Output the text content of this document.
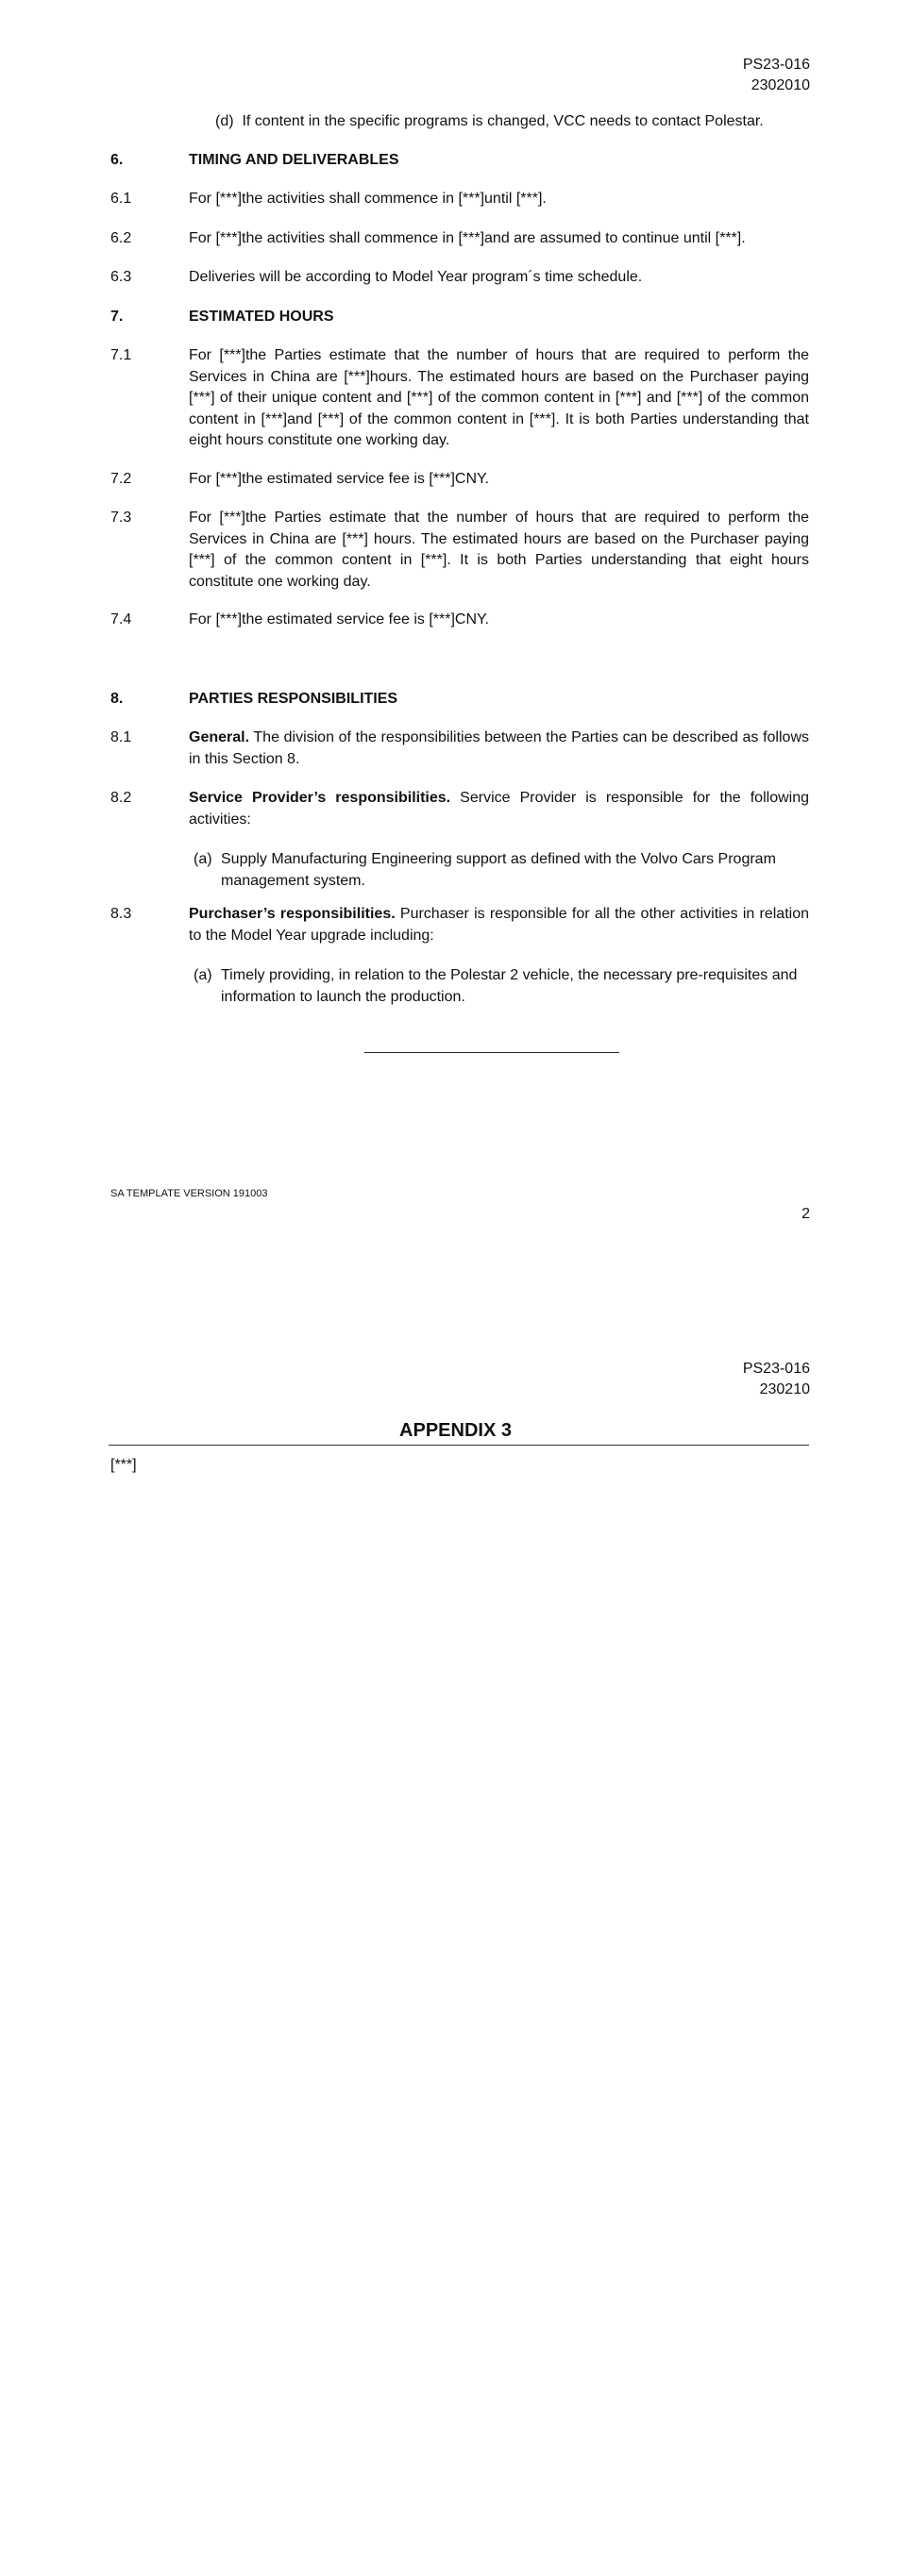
PS23-016
2302010
(d) If content in the specific programs is changed, VCC needs to contact Polestar.
6.	TIMING AND DELIVERABLES
6.1	For [***]the activities shall commence in [***]until [***].
6.2	For [***]the activities shall commence in [***]and are assumed to continue until [***].
6.3	Deliveries will be according to Model Year program´s time schedule.
7.	ESTIMATED HOURS
7.1	For [***]the Parties estimate that the number of hours that are required to perform the Services in China are [***]hours. The estimated hours are based on the Purchaser paying [***] of their unique content and [***] of the common content in [***] and [***] of the common content in [***]and [***] of the common content in [***]. It is both Parties understanding that eight hours constitute one working day.
7.2	For [***]the estimated service fee is [***]CNY.
7.3	For [***]the Parties estimate that the number of hours that are required to perform the Services in China are [***] hours. The estimated hours are based on the Purchaser paying [***] of the common content in [***]. It is both Parties understanding that eight hours constitute one working day.
7.4	For [***]the estimated service fee is [***]CNY.
8.	PARTIES RESPONSIBILITIES
8.1	General. The division of the responsibilities between the Parties can be described as follows in this Section 8.
8.2	Service Provider’s responsibilities. Service Provider is responsible for the following activities:
(a) Supply Manufacturing Engineering support as defined with the Volvo Cars Program management system.
8.3	Purchaser’s responsibilities. Purchaser is responsible for all the other activities in relation to the Model Year upgrade including:
(a) Timely providing, in relation to the Polestar 2 vehicle, the necessary pre-requisites and information to launch the production.
SA TEMPLATE VERSION 191003
2
PS23-016
230210
APPENDIX 3
[***]
